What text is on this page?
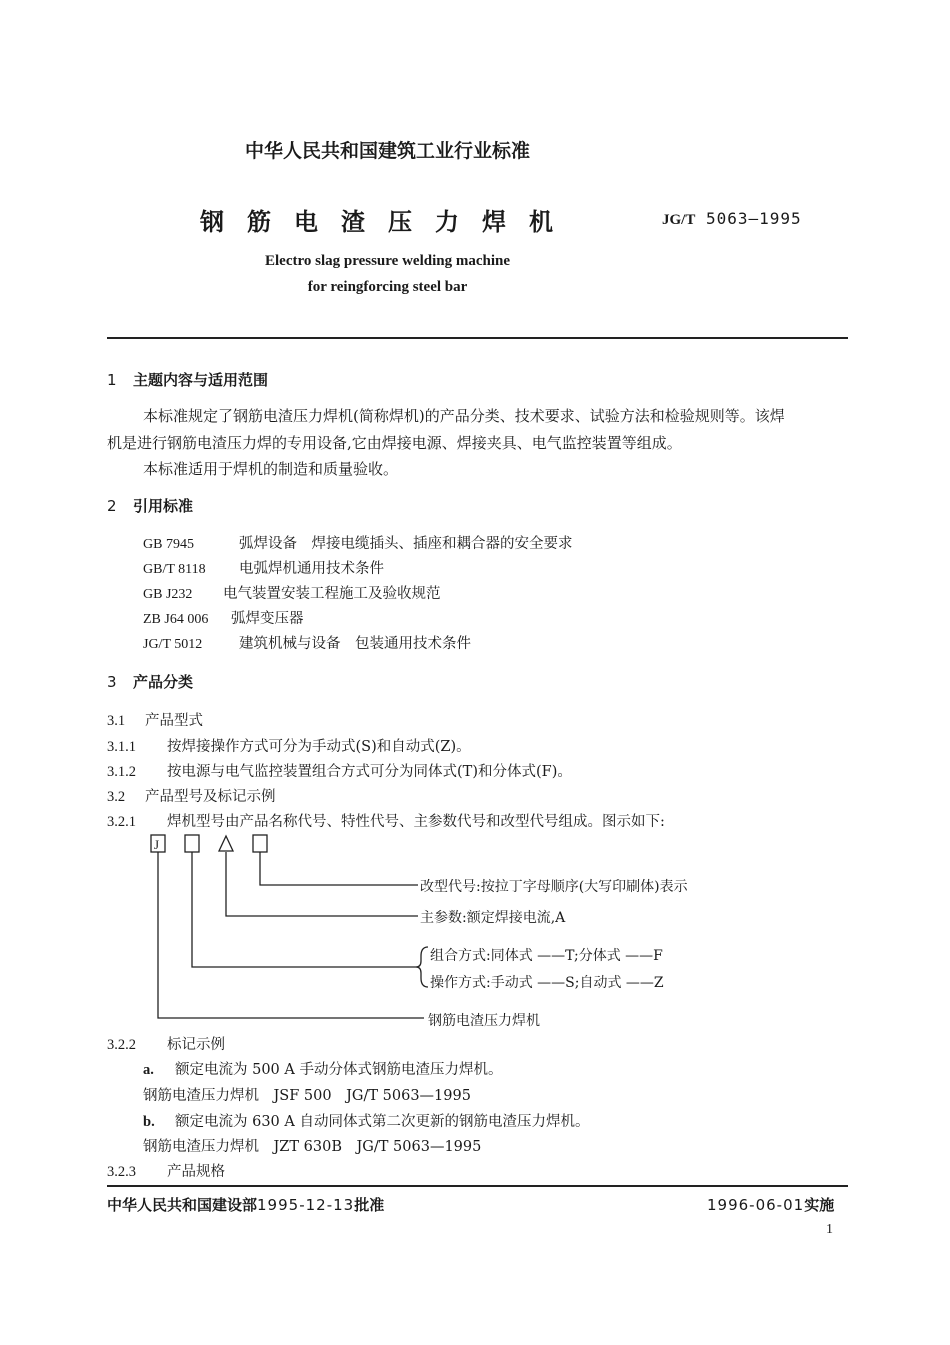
中华人民共和国建筑工业行业标准
钢筋电渣压力焊机	JG/T 5063—1995
Electro slag pressure welding machine
for reingforcing steel bar
1 主题内容与适用范围
本标准规定了钢筋电渣压力焊机(简称焊机)的产品分类、技术要求、试验方法和检验规则等。该焊
机是进行钢筋电渣压力焊的专用设备,它由焊接电源、焊接夹具、电气监控装置等组成。
本标准适用于焊机的制造和质量验收。
2 引用标准
GB 7945	弧焊设备　焊接电缆插头、插座和耦合器的安全要求
GB/T 8118 电弧焊机通用技术条件
GB J232 电气装置安装工程施工及验收规范
ZB J64 006 弧焊变压器
JG/T 5012	建筑机械与设备　包装通用技术条件
3 产品分类
3.1 产品型式
3.1.1 按焊接操作方式可分为手动式(S)和自动式(Z)。
3.1.2 按电源与电气监控装置组合方式可分为同体式(T)和分体式(F)。
3.2 产品型号及标记示例
3.2.1 焊机型号由产品名称代号、特性代号、主参数代号和改型代号组成。图示如下:
J
改型代号:按拉丁字母顺序(大写印刷体)表示
主参数:额定焊接电流,A
组合方式:同体式 ——T;分体式 ——F
操作方式:手动式 ——S;自动式 ——Z
钢筋电渣压力焊机
3.2.2 标记示例
a. 额定电流为 500 A 手动分体式钢筋电渣压力焊机。
钢筋电渣压力焊机　JSF 500　JG/T 5063—1995
b. 额定电流为 630 A 自动同体式第二次更新的钢筋电渣压力焊机。
钢筋电渣压力焊机　JZT 630B　JG/T 5063—1995
3.2.3 产品规格
中华人民共和国建设部1995-12-13批准	1996-06-01实施
1
